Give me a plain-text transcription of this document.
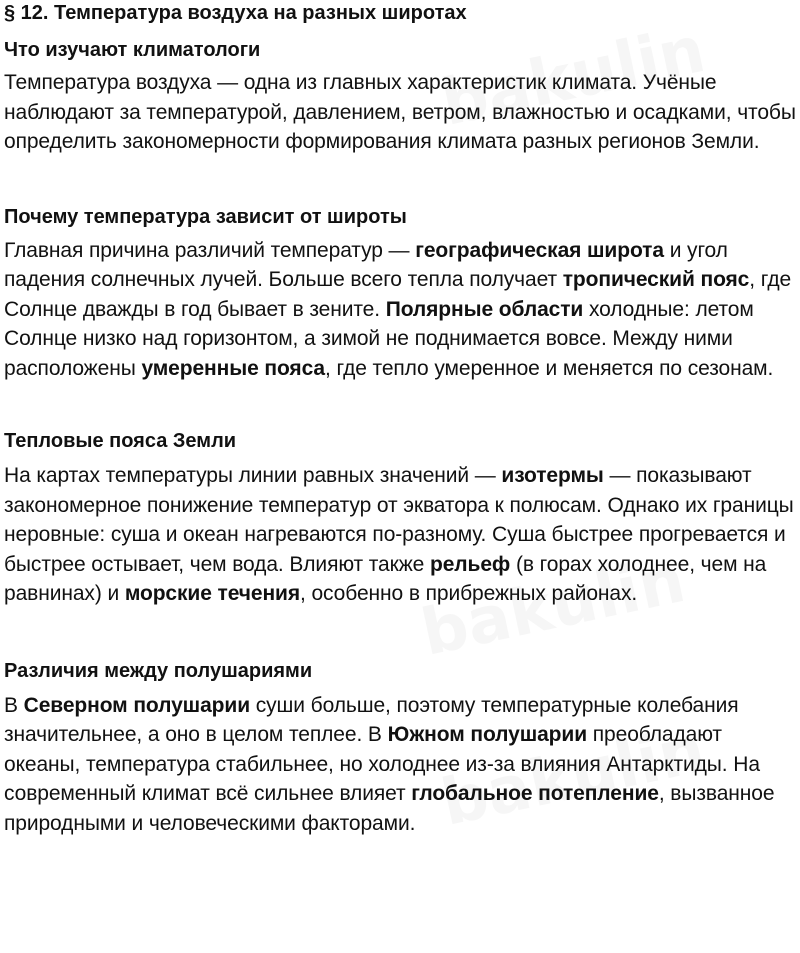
§ 12. Температура воздуха на разных широтах
Что изучают климатологи

Температура воздуха — одна из главных характеристик климата. Учёные наблюдают за температурой, давлением, ветром, влажностью и осадками, чтобы определить закономерности формирования климата разных регионов Земли.

Почему температура зависит от широты

Главная причина различий температур — географическая широта и угол падения солнечных лучей. Больше всего тепла получает тропический пояс, где Солнце дважды в год бывает в зените. Полярные области холодные: летом Солнце низко над горизонтом, а зимой не поднимается вовсе. Между ними расположены умеренные пояса, где тепло умеренное и меняется по сезонам.

Тепловые пояса Земли

На картах температуры линии равных значений — изотермы — показывают закономерное понижение температур от экватора к полюсам. Однако их границы неровные: суша и океан нагреваются по-разному. Суша быстрее прогревается и быстрее остывает, чем вода. Влияют также рельеф (в горах холоднее, чем на равнинах) и морские течения, особенно в прибрежных районах.

Различия между полушариями

В Северном полушарии суши больше, поэтому температурные колебания значительнее, а оно в целом теплее. В Южном полушарии преобладают океаны, температура стабильнее, но холоднее из-за влияния Антарктиды. На современный климат всё сильнее влияет глобальное потепление, вызванное природными и человеческими факторами.
